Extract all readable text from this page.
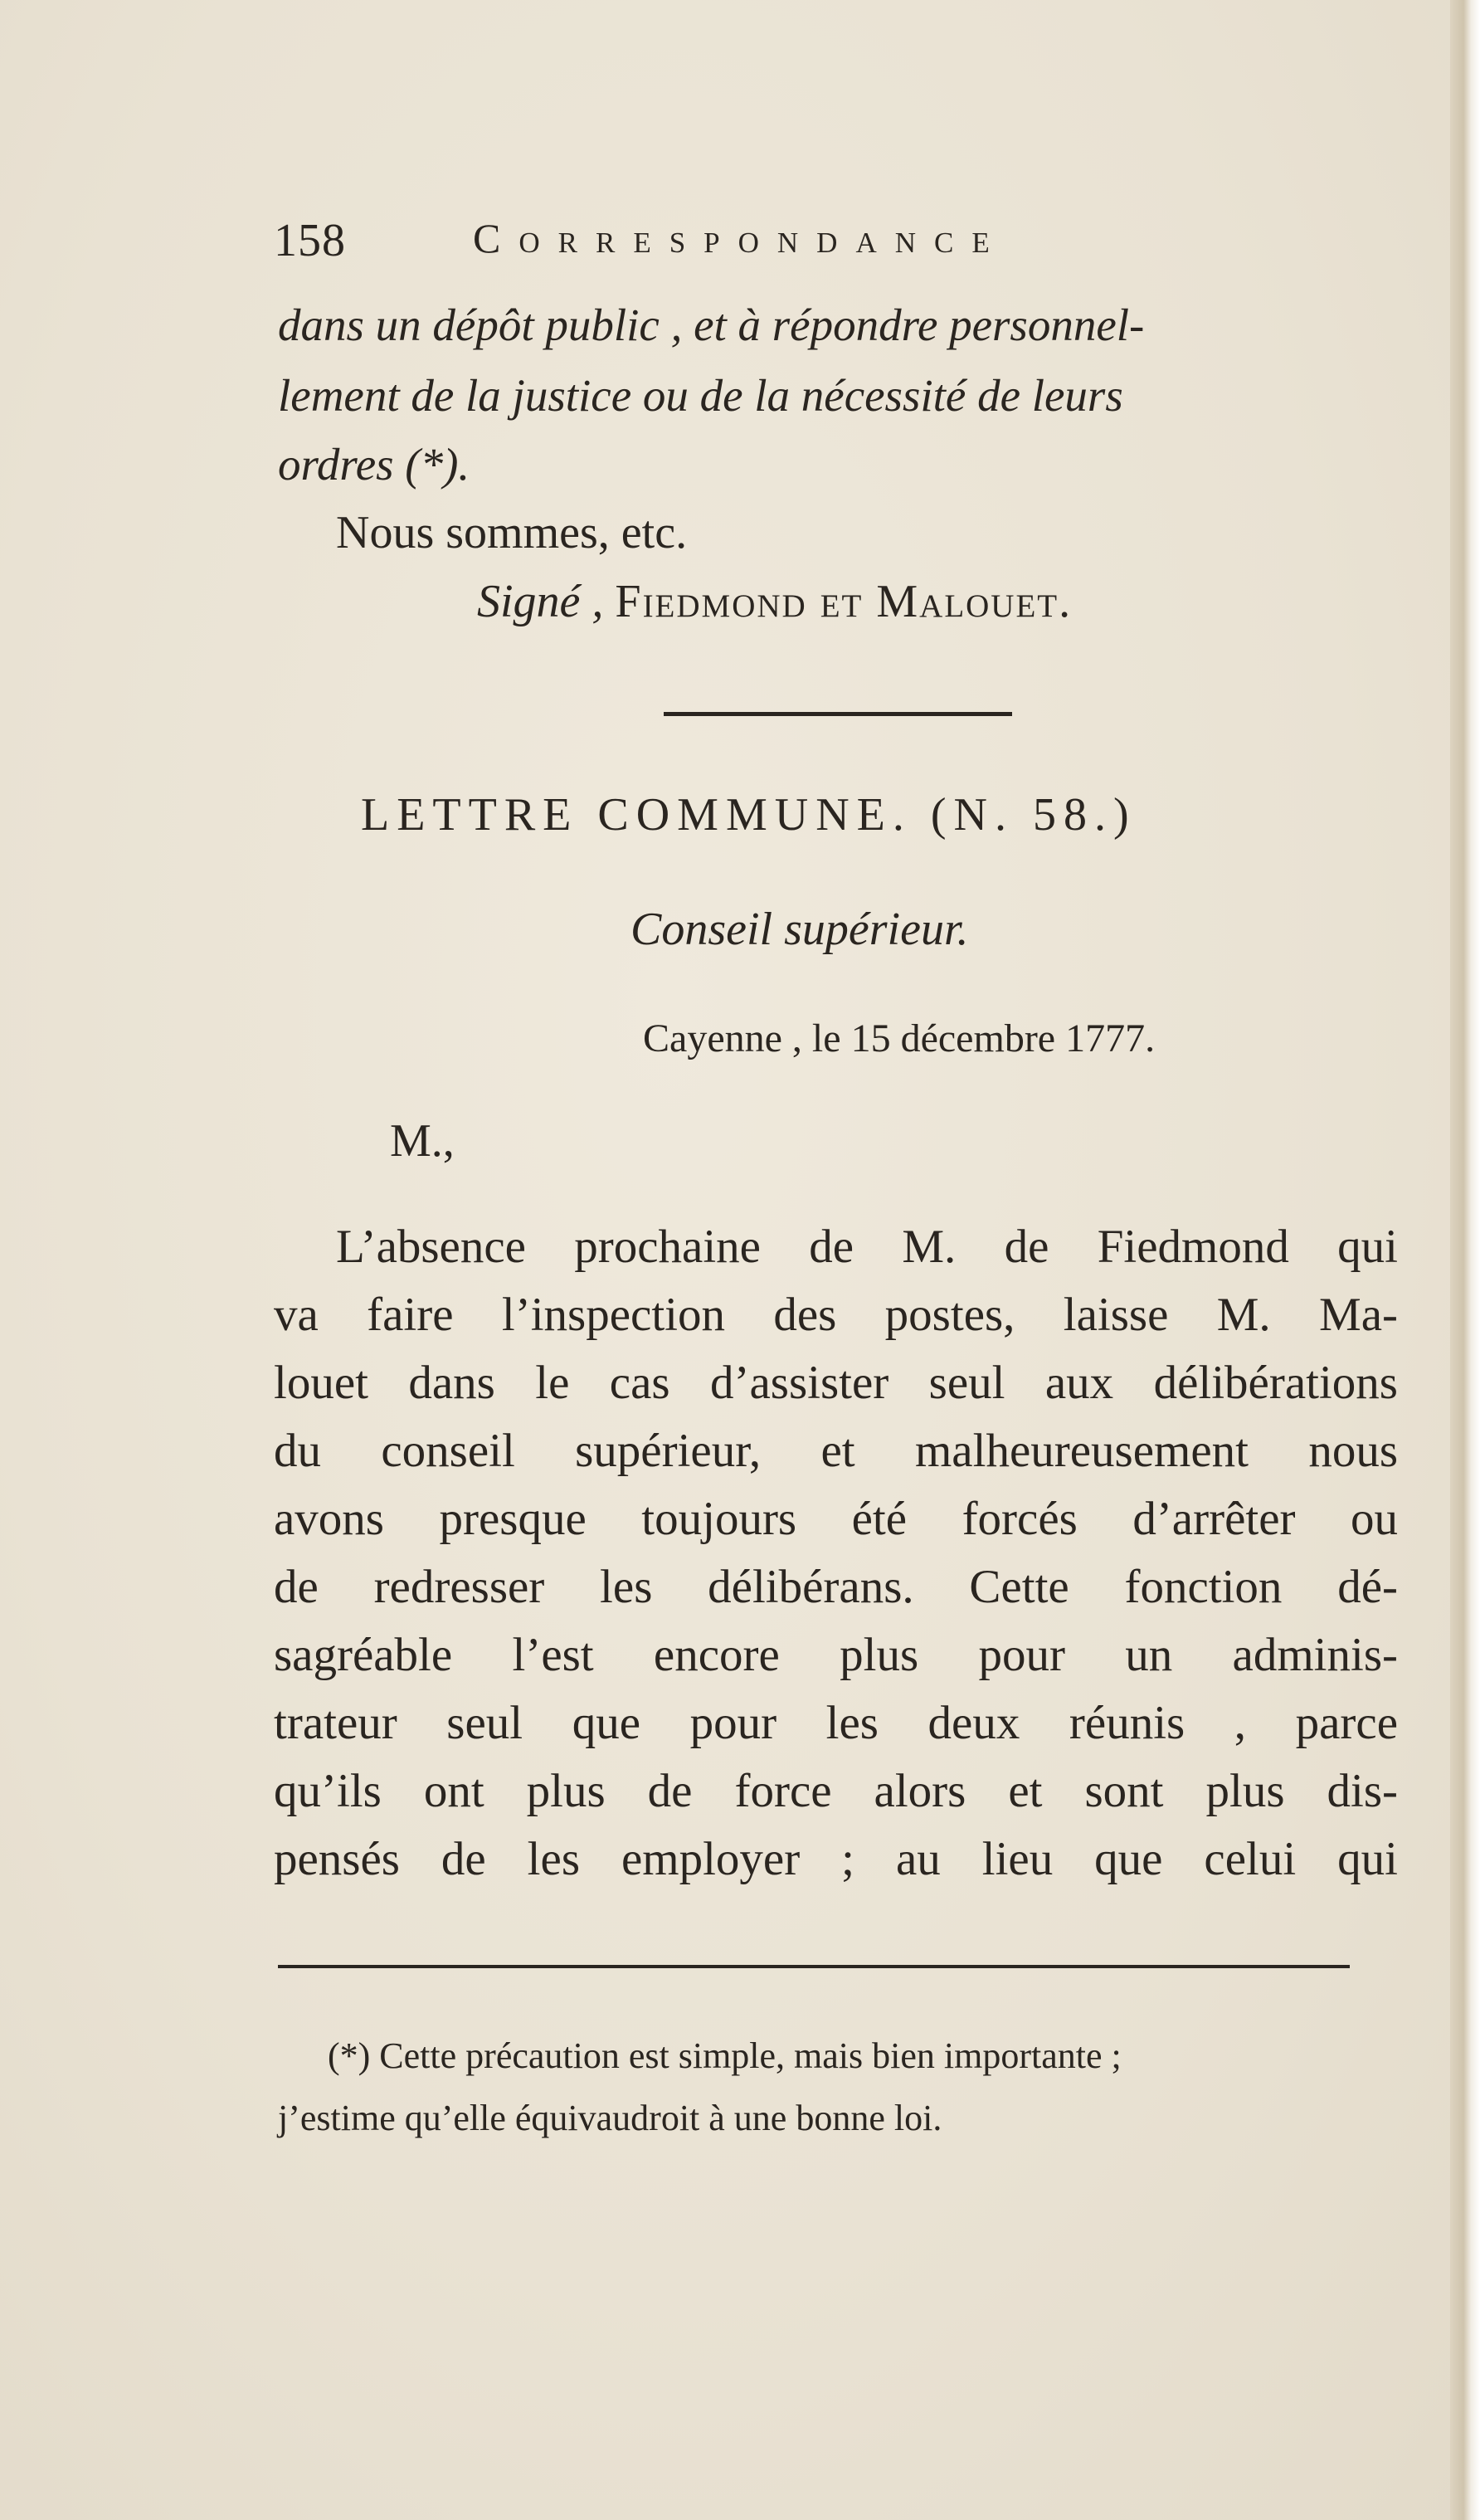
158	Correspondance
dans un dépôt public , et à répondre personnel-
lement de la justice ou de la nécessité de leurs
ordres (*).
Nous sommes, etc.
Signé , Fiedmond et Malouet.
LETTRE COMMUNE. (N. 58.)
Conseil supérieur.
Cayenne , le 15 décembre 1777.
M.,
L’absence prochaine de M. de Fiedmond qui
va faire l’inspection des postes, laisse M. Ma-
louet dans le cas d’assister seul aux délibérations
du conseil supérieur, et malheureusement nous
avons presque toujours été forcés d’arrêter ou
de redresser les délibérans. Cette fonction dé-
sagréable l’est encore plus pour un adminis-
trateur seul que pour les deux réunis , parce
qu’ils ont plus de force alors et sont plus dis-
pensés de les employer ; au lieu que celui qui
(*) Cette précaution est simple, mais bien importante ;
j’estime qu’elle équivaudroit à une bonne loi.
